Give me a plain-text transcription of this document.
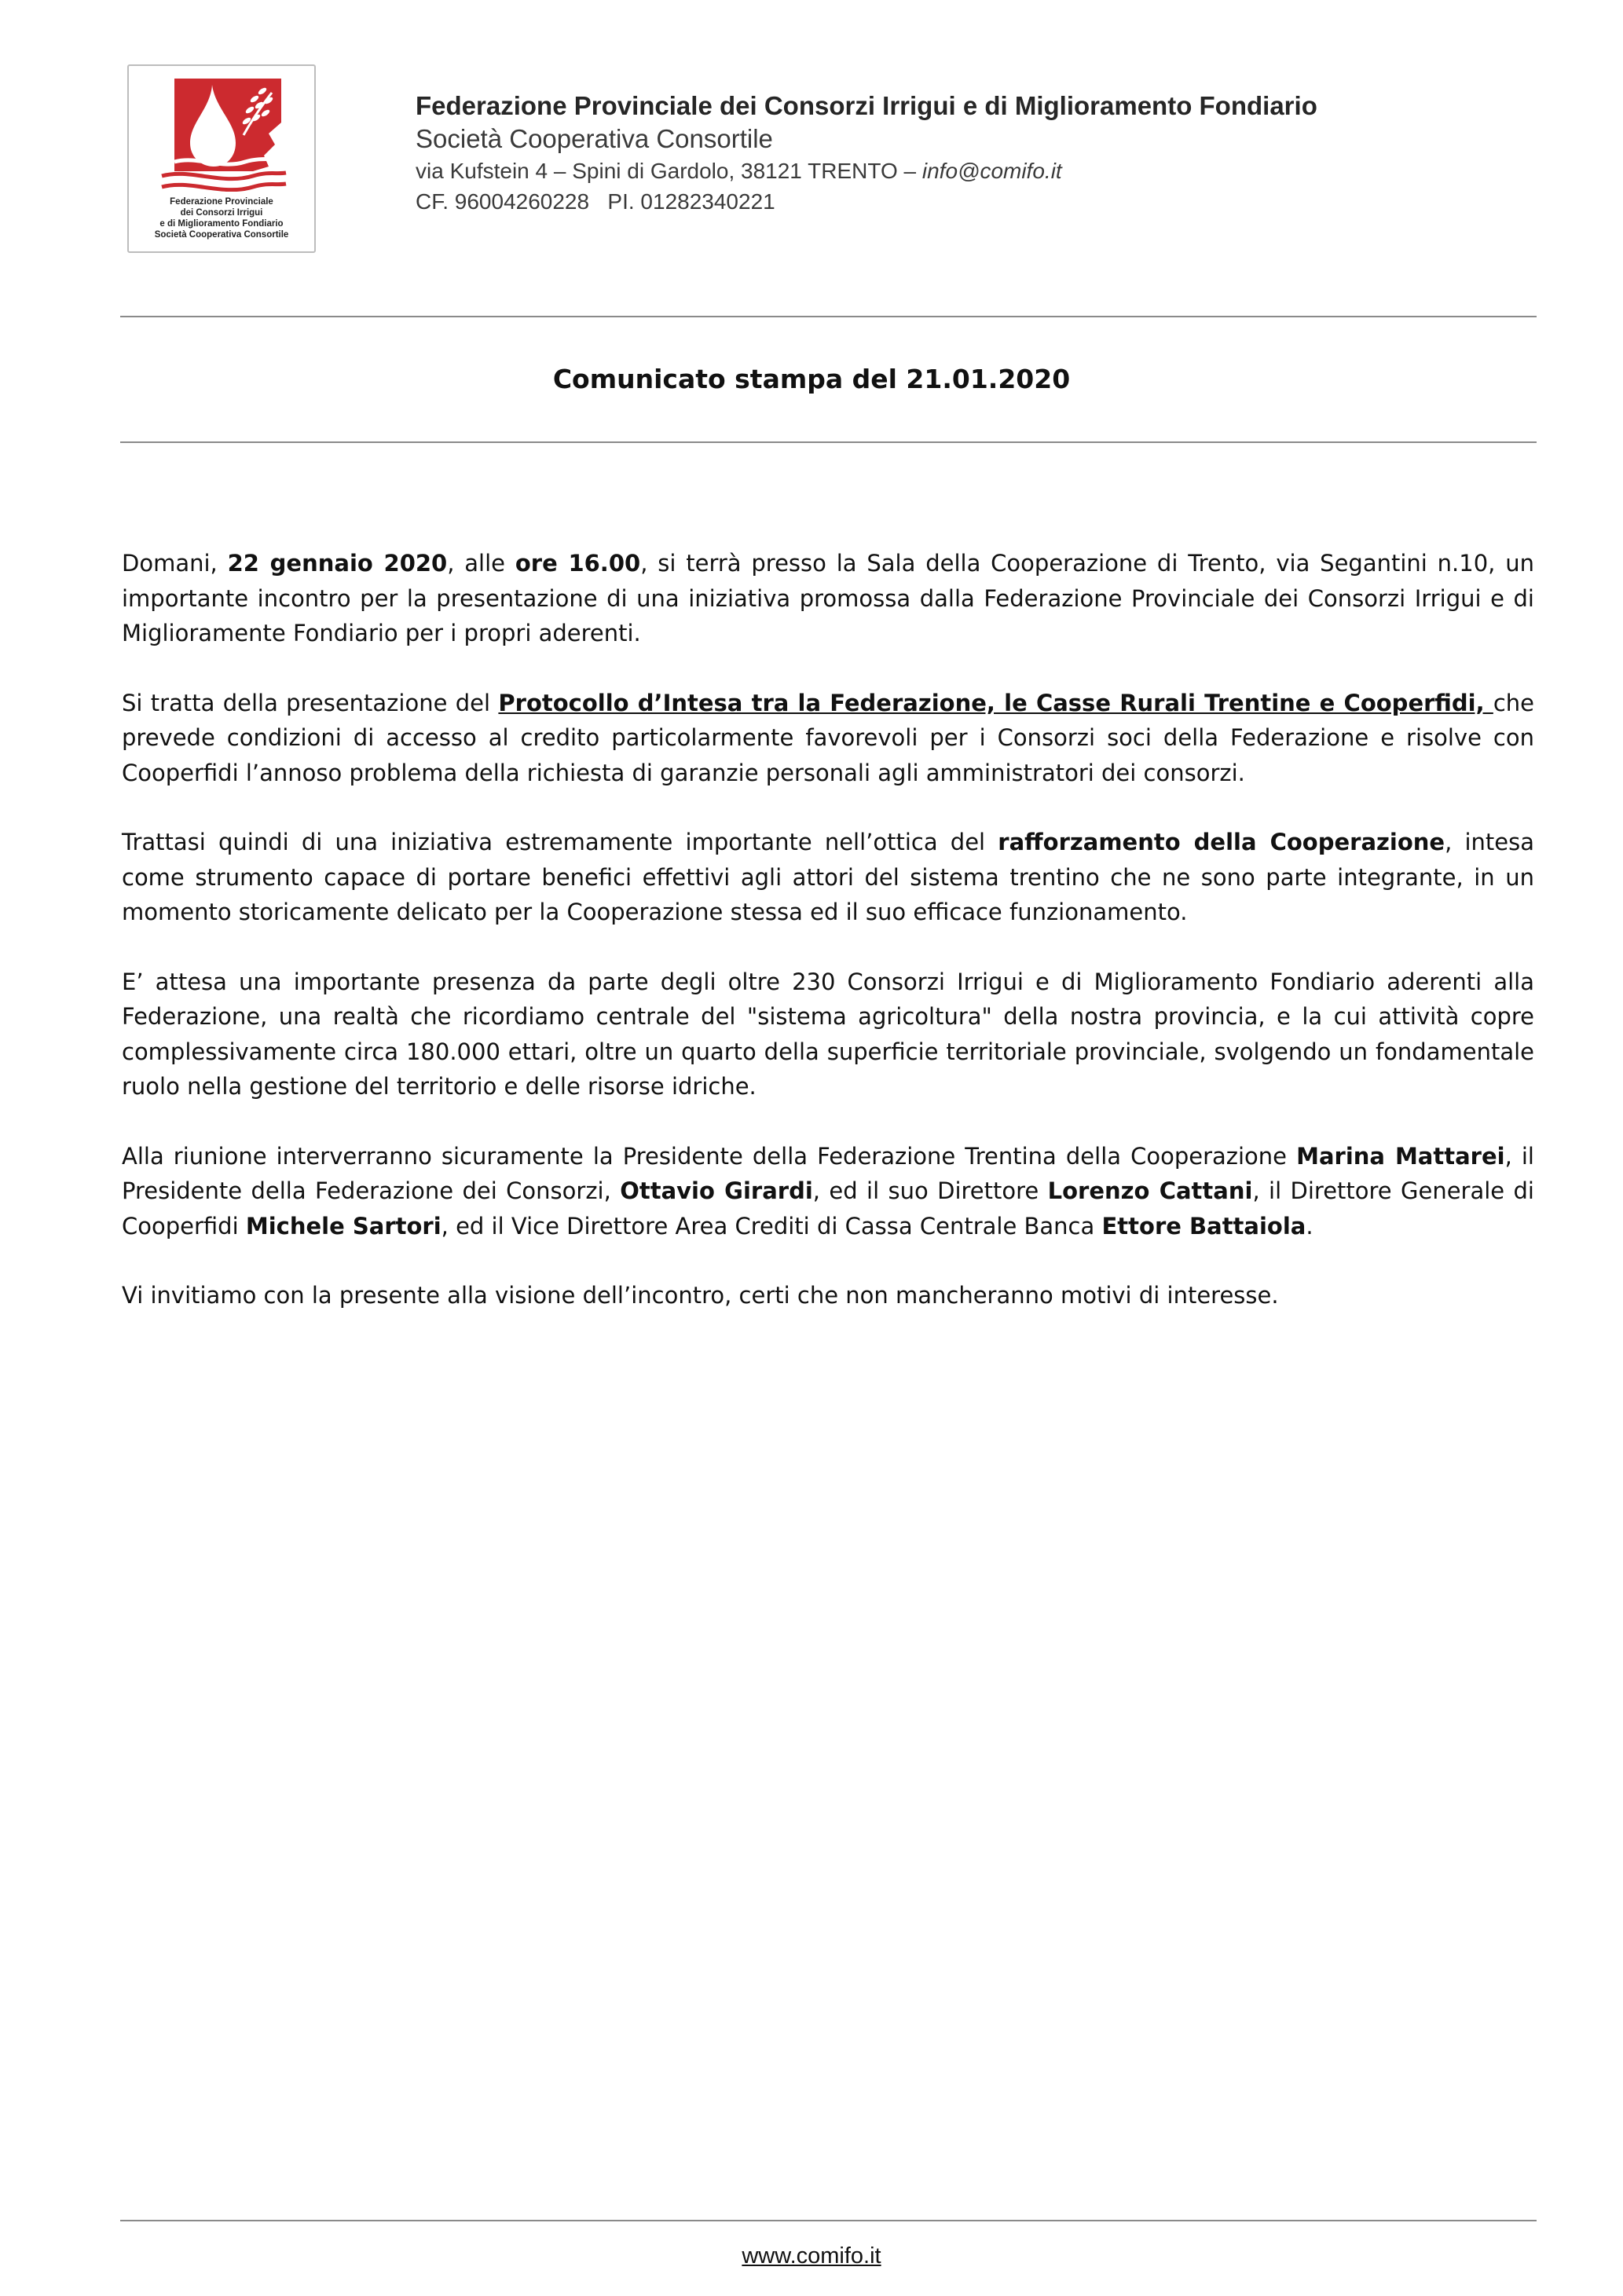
Federazione Provinciale
dei Consorzi Irrigui
e di Miglioramento Fondiario
Società Cooperativa Consortile
Federazione Provinciale dei Consorzi Irrigui e di Miglioramento Fondiario
Società Cooperativa Consortile
via Kufstein 4 – Spini di Gardolo, 38121 TRENTO – info@comifo.it
CF. 96004260228   PI. 01282340221
Comunicato stampa del 21.01.2020

Domani, 22 gennaio 2020, alle ore 16.00, si terrà presso la Sala della Cooperazione di Trento, via Segantini n.10, un importante incontro per la presentazione di una iniziativa promossa dalla Federazione Provinciale dei Consorzi Irrigui e di Miglioramente Fondiario per i propri aderenti.

Si tratta della presentazione del Protocollo d’Intesa tra la Federazione, le Casse Rurali Trentine e Cooperfidi, che prevede condizioni di accesso al credito particolarmente favorevoli per i Consorzi soci della Federazione e risolve con Cooperfidi l’annoso problema della richiesta di garanzie personali agli amministratori dei consorzi.

Trattasi quindi di una iniziativa estremamente importante nell’ottica del rafforzamento della Cooperazione, intesa come strumento capace di portare benefici effettivi agli attori del sistema trentino che ne sono parte integrante, in un momento storicamente delicato per la Cooperazione stessa ed il suo efficace funzionamento.

E’ attesa una importante presenza da parte degli oltre 230 Consorzi Irrigui e di Miglioramento Fondiario aderenti alla Federazione, una realtà che ricordiamo centrale del "sistema agricoltura" della nostra provincia, e la cui attività copre complessivamente circa 180.000 ettari, oltre un quarto della superficie territoriale provinciale, svolgendo un fondamentale ruolo nella gestione del territorio e delle risorse idriche.

Alla riunione interverranno sicuramente la Presidente della Federazione Trentina della Cooperazione Marina Mattarei, il Presidente della Federazione dei Consorzi, Ottavio Girardi, ed il suo Direttore Lorenzo Cattani, il Direttore Generale di Cooperfidi Michele Sartori, ed il Vice Direttore Area Crediti di Cassa Centrale Banca Ettore Battaiola.

Vi invitiamo con la presente alla visione dell’incontro, certi che non mancheranno motivi di interesse.

www.comifo.it
